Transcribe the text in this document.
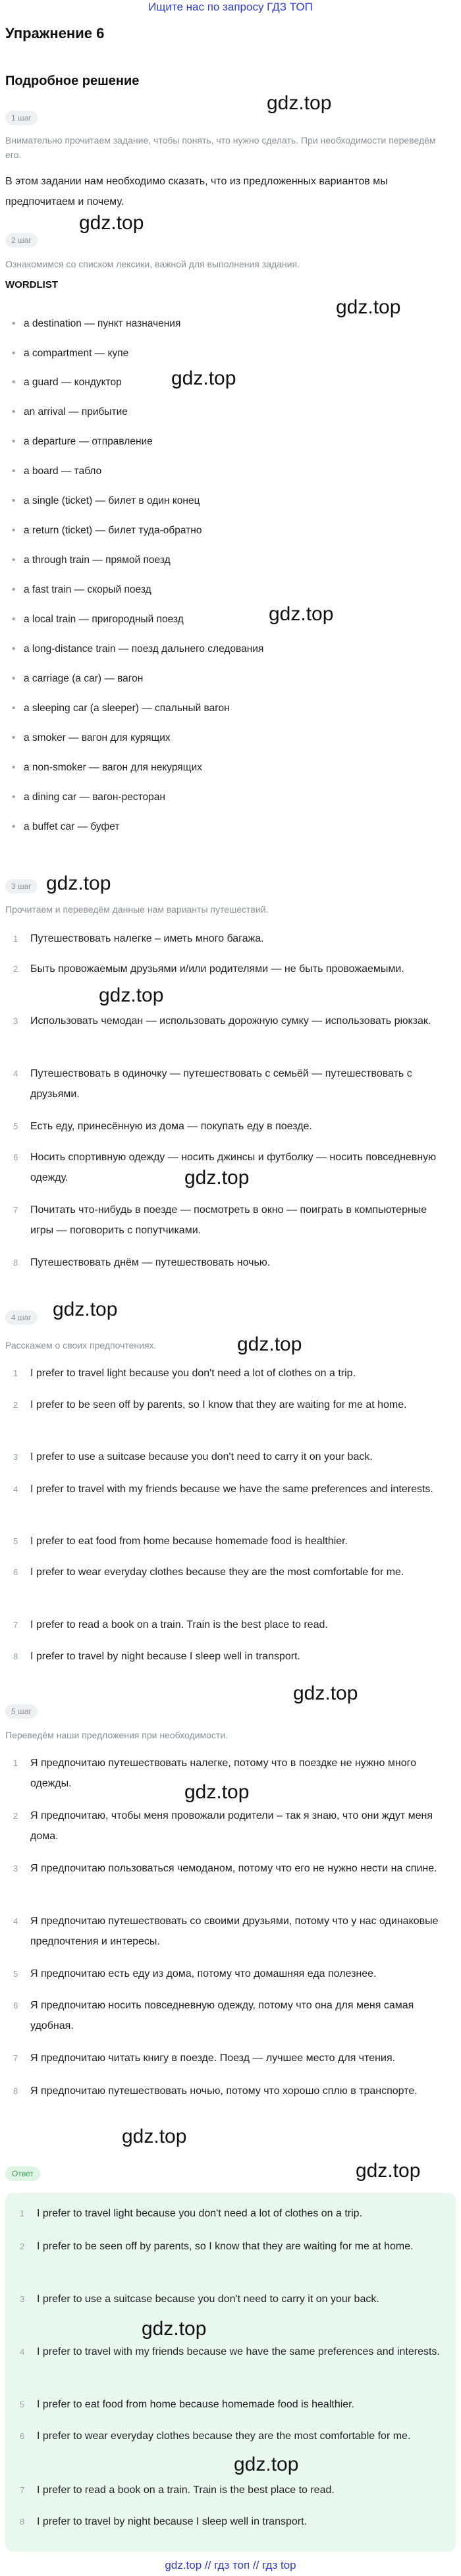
Ищите нас по запросу ГДЗ ТОП
Упражнение 6
Подробное решение
1 шаг
Внимательно прочитаем задание, чтобы понять, что нужно сделать. При необходимости переведём его.
В этом задании нам необходимо сказать, что из предложенных вариантов мы предпочитаем и почему.
2 шаг
Ознакомимся со списком лексики, важной для выполнения задания.
WORDLIST
• a destination — пункт назначения
• a compartment — купе
• a guard — кондуктор
• an arrival — прибытие
• a departure — отправление
• a board — табло
• a single (ticket) — билет в один конец
• a return (ticket) — билет туда-обратно
• a through train — прямой поезд
• a fast train — скорый поезд
• a local train — пригородный поезд
• a long-distance train — поезд дальнего следования
• a carriage (a car) — вагон
• a sleeping car (a sleeper) — спальный вагон
• a smoker — вагон для курящих
• a non-smoker — вагон для некурящих
• a dining car — вагон-ресторан
• a buffet car — буфет
3 шаг
Прочитаем и переведём данные нам варианты путешествий.
1	Путешествовать налегке – иметь много багажа.
2	Быть провожаемым друзьями и/или родителями — не быть провожаемыми.
3	Использовать чемодан — использовать дорожную сумку — использовать рюкзак.
4	Путешествовать в одиночку — путешествовать с семьёй — путешествовать с друзьями.
5	Есть еду, принесённую из дома — покупать еду в поезде.
6	Носить спортивную одежду — носить джинсы и футболку — носить повседневную одежду.
7	Почитать что-нибудь в поезде — посмотреть в окно — поиграть в компьютерные игры — поговорить с попутчиками.
8	Путешествовать днём — путешествовать ночью.
4 шаг
Расскажем о своих предпочтениях.
1	I prefer to travel light because you don't need a lot of clothes on a trip.
2	I prefer to be seen off by parents, so I know that they are waiting for me at home.
3	I prefer to use a suitcase because you don't need to carry it on your back.
4	I prefer to travel with my friends because we have the same preferences and interests.
5	I prefer to eat food from home because homemade food is healthier.
6	I prefer to wear everyday clothes because they are the most comfortable for me.
7	I prefer to read a book on a train. Train is the best place to read.
8	I prefer to travel by night because I sleep well in transport.
5 шаг
Переведём наши предложения при необходимости.
1	Я предпочитаю путешествовать налегке, потому что в поездке не нужно много одежды.
2	Я предпочитаю, чтобы меня провожали родители – так я знаю, что они ждут меня дома.
3	Я предпочитаю пользоваться чемоданом, потому что его не нужно нести на спине.
4	Я предпочитаю путешествовать со своими друзьями, потому что у нас одинаковые предпочтения и интересы.
5	Я предпочитаю есть еду из дома, потому что домашняя еда полезнее.
6	Я предпочитаю носить повседневную одежду, потому что она для меня самая удобная.
7	Я предпочитаю читать книгу в поезде. Поезд — лучшее место для чтения.
8	Я предпочитаю путешествовать ночью, потому что хорошо сплю в транспорте.
Ответ
1	I prefer to travel light because you don't need a lot of clothes on a trip.
2	I prefer to be seen off by parents, so I know that they are waiting for me at home.
3	I prefer to use a suitcase because you don't need to carry it on your back.
4	I prefer to travel with my friends because we have the same preferences and interests.
5	I prefer to eat food from home because homemade food is healthier.
6	I prefer to wear everyday clothes because they are the most comfortable for me.
7	I prefer to read a book on a train. Train is the best place to read.
8	I prefer to travel by night because I sleep well in transport.
gdz.top
gdz.top
gdz.top
gdz.top
gdz.top
gdz.top
gdz.top
gdz.top
gdz.top
gdz.top
gdz.top
gdz.top
gdz.top
gdz.top
gdz.top
gdz.top
gdz.top // гдз топ // гдз top
